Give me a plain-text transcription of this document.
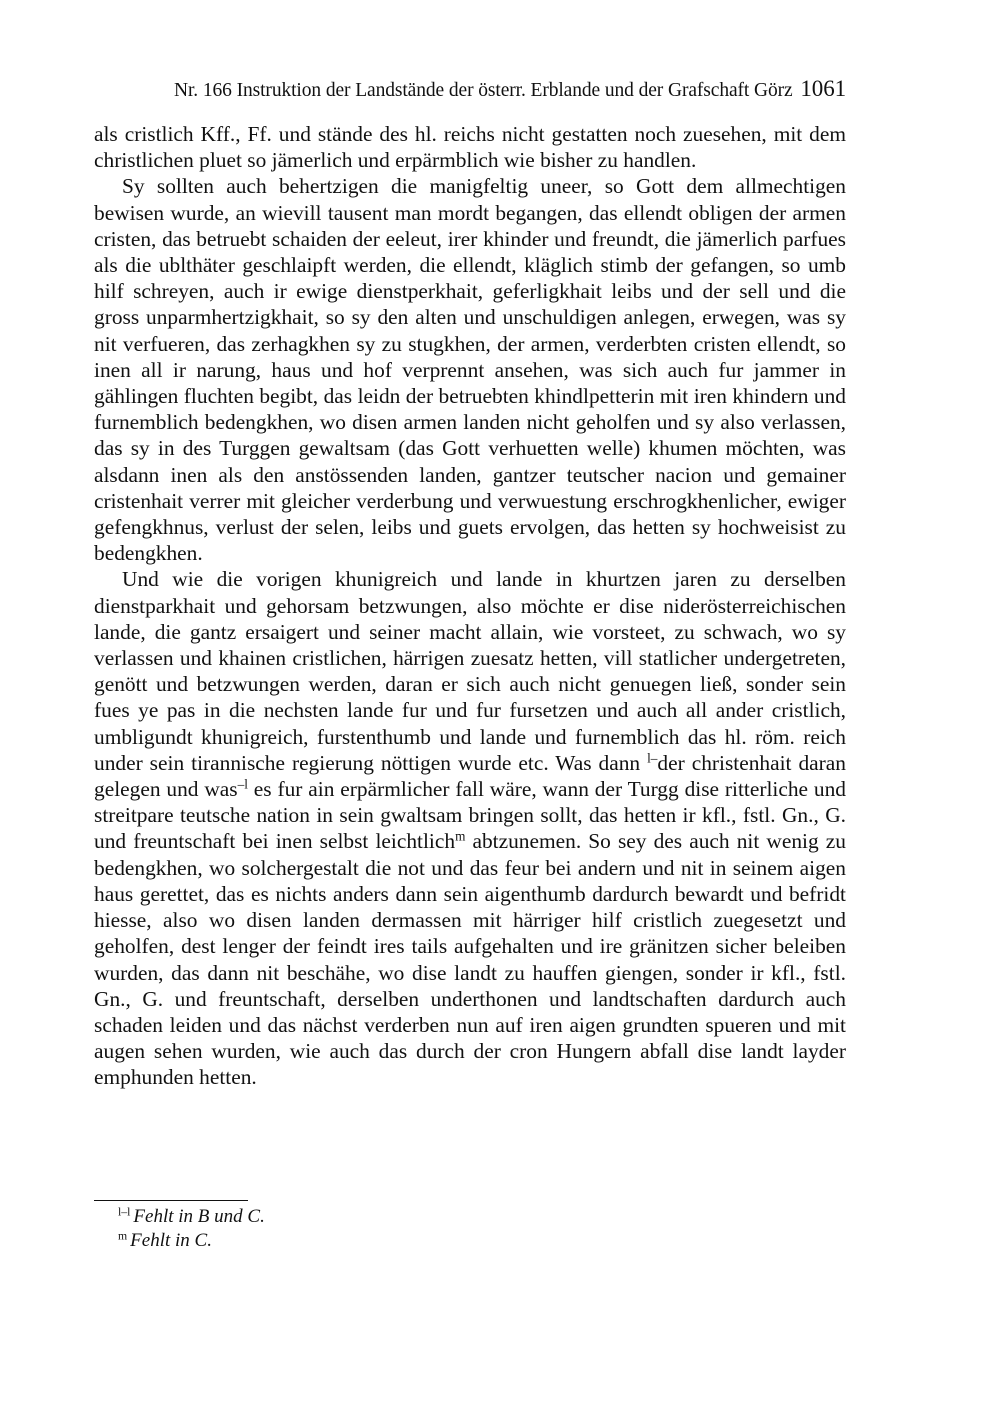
Nr. 166 Instruktion der Landstände der österr. Erblande und der Grafschaft Görz 1061

als cristlich Kff., Ff. und stände des hl. reichs nicht gestatten noch zuesehen, mit dem christlichen pluet so jämerlich und erpärmblich wie bisher zu handlen.

Sy sollten auch behertzigen die manigfeltig uneer, so Gott dem allmechtigen bewisen wurde, an wievill tausent man mordt begangen, das ellendt obligen der armen cristen, das betruebt schaiden der eeleut, irer khinder und freundt, die jämerlich parfues als die ublthäter geschlaipft werden, die ellendt, kläglich stimb der gefangen, so umb hilf schreyen, auch ir ewige dienstperkhait, geferligkhait leibs und der sell und die gross unparmhertzigkhait, so sy den alten und unschuldigen anlegen, erwegen, was sy nit verfueren, das zerhagkhen sy zu stugkhen, der armen, verderbten cristen ellendt, so inen all ir narung, haus und hof verprennt ansehen, was sich auch fur jammer in gählingen fluchten begibt, das leidn der betruebten khindlpetterin mit iren khindern und furnemblich bedengkhen, wo disen armen landen nicht geholfen und sy also verlassen, das sy in des Turggen gewaltsam (das Gott verhuetten welle) khumen möchten, was alsdann inen als den anstössenden landen, gantzer teutscher nacion und gemainer cristenhait verrer mit gleicher verderbung und verwuestung erschrogkhenlicher, ewiger gefengkhnus, verlust der selen, leibs und guets ervolgen, das hetten sy hochweisist zu bedengkhen.

Und wie die vorigen khunigreich und lande in khurtzen jaren zu derselben dienstparkhait und gehorsam betzwungen, also möchte er dise niderösterreichischen lande, die gantz ersaigert und seiner macht allain, wie vorsteet, zu schwach, wo sy verlassen und khainen cristlichen, härrigen zuesatz hetten, vill statlicher undergetreten, genött und betzwungen werden, daran er sich auch nicht genuegen ließ, sonder sein fues ye pas in die nechsten lande fur und fur fursetzen und auch all ander cristlich, umbligundt khunigreich, furstenthumb und lande und furnemblich das hl. röm. reich under sein tirannische regierung nöttigen wurde etc. Was dann $^{l-}$der christenhait daran gelegen und was$^{-l}$ es fur ain erpärmlicher fall wäre, wann der Turgg dise ritterliche und streitpare teutsche nation in sein gwaltsam bringen sollt, das hetten ir kfl., fstl. Gn., G. und freuntschaft bei inen selbst leichtlich$^m$ abtzunemen. So sey des auch nit wenig zu bedengkhen, wo solchergestalt die not und das feur bei andern und nit in seinem aigen haus gerettet, das es nichts anders dann sein aigenthumb dardurch bewardt und befridt hiesse, also wo disen landen dermassen mit härriger hilf cristlich zuegesetzt und geholfen, dest lenger der feindt ires tails aufgehalten und ire gränitzen sicher beleiben wurden, das dann nit beschähe, wo dise landt zu hauffen giengen, sonder ir kfl., fstl. Gn., G. und freuntschaft, derselben underthonen und landtschaften dardurch auch schaden leiden und das nächst verderben nun auf iren aigen grundten spueren und mit augen sehen wurden, wie auch das durch der cron Hungern abfall dise landt layder emphunden hetten.

$^{l-l}$ Fehlt in B und C.
$^m$ Fehlt in C.
